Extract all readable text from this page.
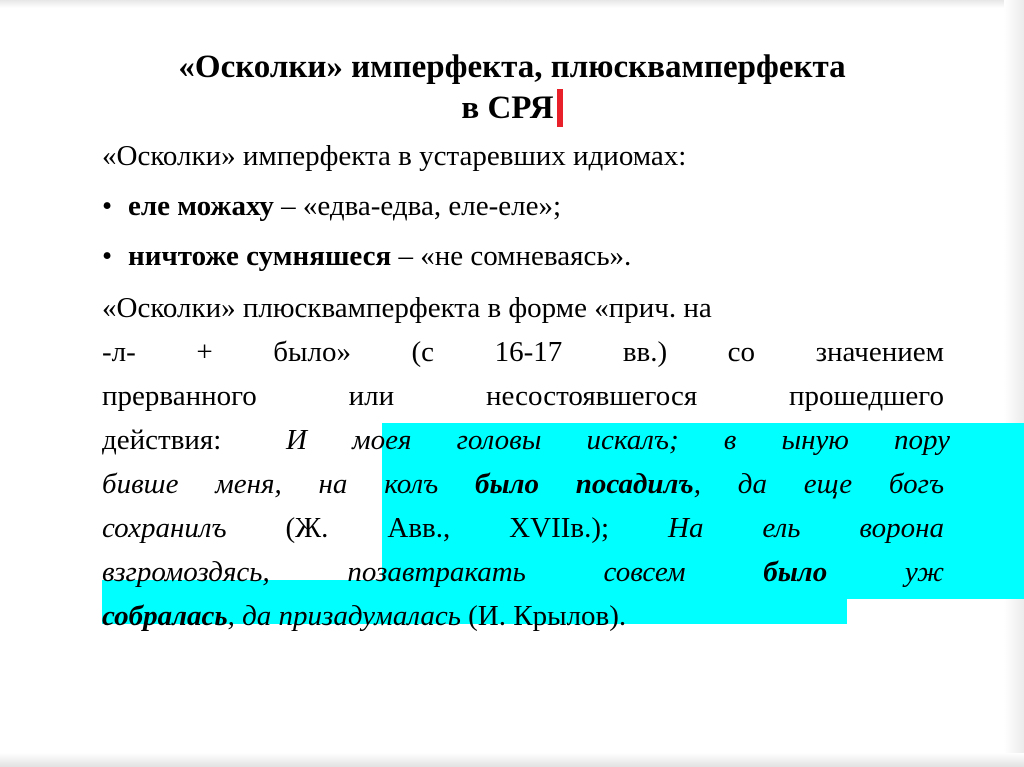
«Осколки» имперфекта, плюсквамперфекта
в СРЯ
«Осколки» имперфекта в устаревших идиомах:
• еле можаху – «едва-едва, еле-еле»;
• ничтоже сумняшеся – «не сомневаясь».
«Осколки» плюсквамперфекта в форме «прич. на
-л- + было» (с 16-17 вв.) со значением
прерванного	или	несостоявшегося	прошедшего
действия: И моея головы искалъ; в ыную пору
бивше меня, на колъ было посадилъ, да еще богъ
сохранилъ (Ж. Авв., XVIIв.); На ель ворона
взгромоздясь, позавтракать совсем было уж
собралась, да призадумалась (И. Крылов).
